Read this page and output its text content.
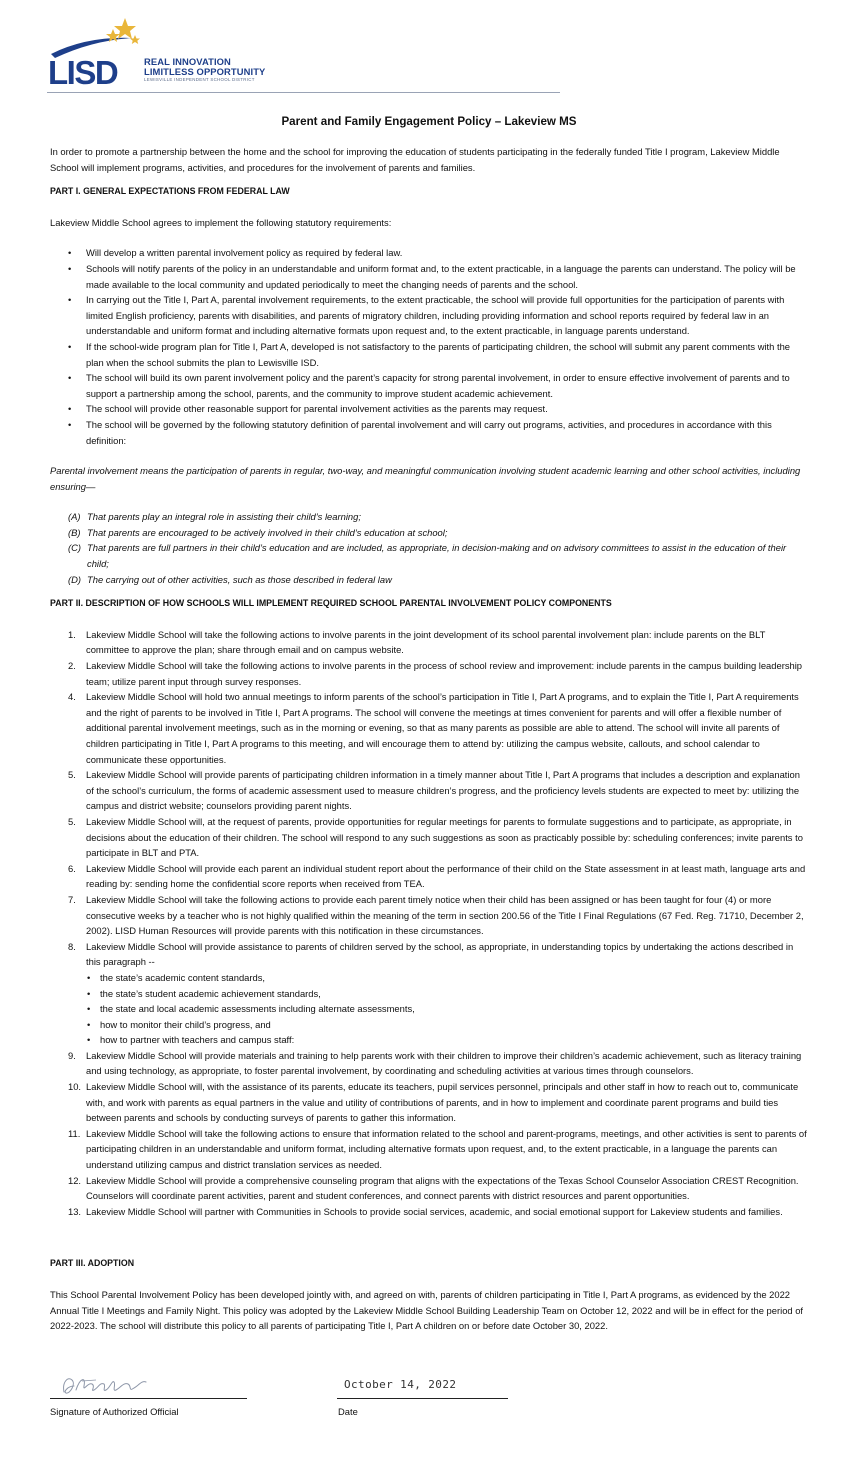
LISD	REAL INNOVATION
LIMITLESS OPPORTUNITY
LEWISVILLE INDEPENDENT SCHOOL DISTRICT
Parent and Family Engagement Policy – Lakeview MS

In order to promote a partnership between the home and the school for improving the education of students participating in the federally funded Title I program, Lakeview Middle School will implement programs, activities, and procedures for the involvement of parents and families.

PART I. GENERAL EXPECTATIONS FROM FEDERAL LAW

Lakeview Middle School agrees to implement the following statutory requirements:

• Will develop a written parental involvement policy as required by federal law.
• Schools will notify parents of the policy in an understandable and uniform format and, to the extent practicable, in a language the parents can understand. The policy will be made available to the local community and updated periodically to meet the changing needs of parents and the school.
• In carrying out the Title I, Part A, parental involvement requirements, to the extent practicable, the school will provide full opportunities for the participation of parents with limited English proficiency, parents with disabilities, and parents of migratory children, including providing information and school reports required by federal law in an understandable and uniform format and including alternative formats upon request and, to the extent practicable, in language parents understand.
• If the school-wide program plan for Title I, Part A, developed is not satisfactory to the parents of participating children, the school will submit any parent comments with the plan when the school submits the plan to Lewisville ISD.
• The school will build its own parent involvement policy and the parent’s capacity for strong parental involvement, in order to ensure effective involvement of parents and to support a partnership among the school, parents, and the community to improve student academic achievement.
• The school will provide other reasonable support for parental involvement activities as the parents may request.
• The school will be governed by the following statutory definition of parental involvement and will carry out programs, activities, and procedures in accordance with this definition:

Parental involvement means the participation of parents in regular, two-way, and meaningful communication involving student academic learning and other school activities, including ensuring—

(A) That parents play an integral role in assisting their child’s learning;
(B) That parents are encouraged to be actively involved in their child’s education at school;
(C) That parents are full partners in their child’s education and are included, as appropriate, in decision-making and on advisory committees to assist in the education of their child;
(D) The carrying out of other activities, such as those described in federal law

PART II. DESCRIPTION OF HOW SCHOOLS WILL IMPLEMENT REQUIRED SCHOOL PARENTAL INVOLVEMENT POLICY COMPONENTS

1. Lakeview Middle School will take the following actions to involve parents in the joint development of its school parental involvement plan: include parents on the BLT committee to approve the plan; share through email and on campus website.
2. Lakeview Middle School will take the following actions to involve parents in the process of school review and improvement: include parents in the campus building leadership team; utilize parent input through survey responses.
4. Lakeview Middle School will hold two annual meetings to inform parents of the school’s participation in Title I, Part A programs, and to explain the Title I, Part A requirements and the right of parents to be involved in Title I, Part A programs. The school will convene the meetings at times convenient for parents and will offer a flexible number of additional parental involvement meetings, such as in the morning or evening, so that as many parents as possible are able to attend. The school will invite all parents of children participating in Title I, Part A programs to this meeting, and will encourage them to attend by: utilizing the campus website, callouts, and school calendar to communicate these opportunities.
5. Lakeview Middle School will provide parents of participating children information in a timely manner about Title I, Part A programs that includes a description and explanation of the school’s curriculum, the forms of academic assessment used to measure children’s progress, and the proficiency levels students are expected to meet by: utilizing the campus and district website; counselors providing parent nights.
5. Lakeview Middle School will, at the request of parents, provide opportunities for regular meetings for parents to formulate suggestions and to participate, as appropriate, in decisions about the education of their children. The school will respond to any such suggestions as soon as practicably possible by: scheduling conferences; invite parents to participate in BLT and PTA.
6. Lakeview Middle School will provide each parent an individual student report about the performance of their child on the State assessment in at least math, language arts and reading by: sending home the confidential score reports when received from TEA.
7. Lakeview Middle School will take the following actions to provide each parent timely notice when their child has been assigned or has been taught for four (4) or more consecutive weeks by a teacher who is not highly qualified within the meaning of the term in section 200.56 of the Title I Final Regulations (67 Fed. Reg. 71710, December 2, 2002). LISD Human Resources will provide parents with this notification in these circumstances.
8. Lakeview Middle School will provide assistance to parents of children served by the school, as appropriate, in understanding topics by undertaking the actions described in this paragraph --
• the state’s academic content standards,
• the state’s student academic achievement standards,
• the state and local academic assessments including alternate assessments,
• how to monitor their child’s progress, and
• how to partner with teachers and campus staff:
9. Lakeview Middle School will provide materials and training to help parents work with their children to improve their children’s academic achievement, such as literacy training and using technology, as appropriate, to foster parental involvement, by coordinating and scheduling activities at various times through counselors.
10. Lakeview Middle School will, with the assistance of its parents, educate its teachers, pupil services personnel, principals and other staff in how to reach out to, communicate with, and work with parents as equal partners in the value and utility of contributions of parents, and in how to implement and coordinate parent programs and build ties between parents and schools by conducting surveys of parents to gather this information.
11. Lakeview Middle School will take the following actions to ensure that information related to the school and parent-programs, meetings, and other activities is sent to parents of participating children in an understandable and uniform format, including alternative formats upon request, and, to the extent practicable, in a language the parents can understand utilizing campus and district translation services as needed.
12. Lakeview Middle School will provide a comprehensive counseling program that aligns with the expectations of the Texas School Counselor Association CREST Recognition. Counselors will coordinate parent activities, parent and student conferences, and connect parents with district resources and parent opportunities.
13. Lakeview Middle School will partner with Communities in Schools to provide social services, academic, and social emotional support for Lakeview students and families.

PART III. ADOPTION

This School Parental Involvement Policy has been developed jointly with, and agreed on with, parents of children participating in Title I, Part A programs, as evidenced by the 2022 Annual Title I Meetings and Family Night. This policy was adopted by the Lakeview Middle School Building Leadership Team on October 12, 2022 and will be in effect for the period of 2022-2023. The school will distribute this policy to all parents of participating Title I, Part A children on or before date October 30, 2022.

October 14, 2022
Signature of Authorized Official	Date
